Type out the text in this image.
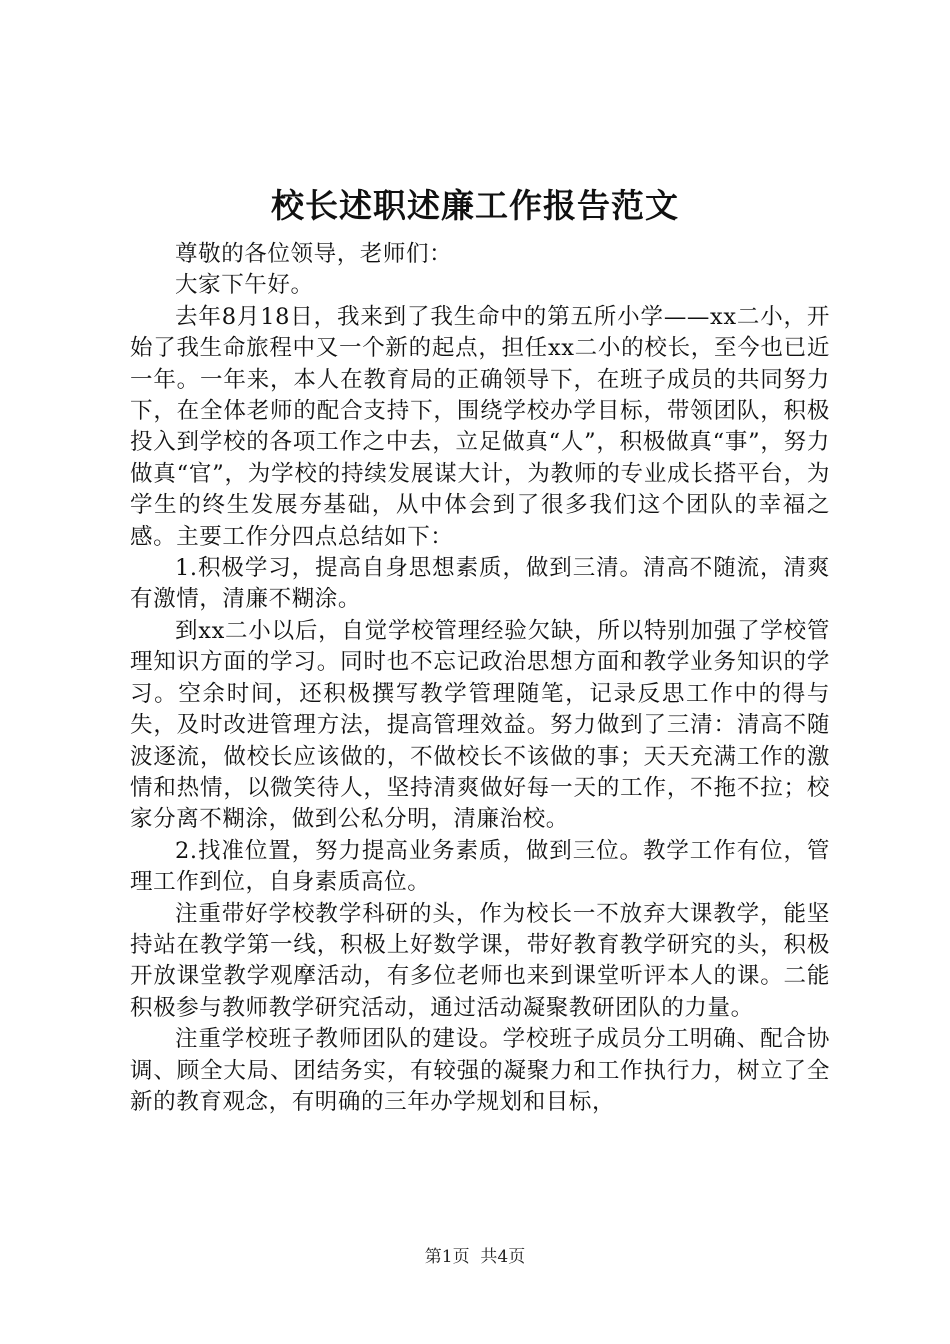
校长述职述廉工作报告范文

尊敬的各位领导，老师们：

大家下午好。

去年8月18日，我来到了我生命中的第五所小学——xx二小，开始了我生命旅程中又一个新的起点，担任xx二小的校长，至今也已近一年。一年来，本人在教育局的正确领导下，在班子成员的共同努力下，在全体老师的配合支持下，围绕学校办学目标，带领团队，积极投入到学校的各项工作之中去，立足做真“人”，积极做真“事”，努力做真“官”，为学校的持续发展谋大计，为教师的专业成长搭平台，为学生的终生发展夯基础，从中体会到了很多我们这个团队的幸福之感。主要工作分四点总结如下：

1.积极学习，提高自身思想素质，做到三清。清高不随流，清爽有激情，清廉不糊涂。

到xx二小以后，自觉学校管理经验欠缺，所以特别加强了学校管理知识方面的学习。同时也不忘记政治思想方面和教学业务知识的学习。空余时间，还积极撰写教学管理随笔，记录反思工作中的得与失，及时改进管理方法，提高管理效益。努力做到了三清：清高不随波逐流，做校长应该做的，不做校长不该做的事；天天充满工作的激情和热情，以微笑待人，坚持清爽做好每一天的工作，不拖不拉；校家分离不糊涂，做到公私分明，清廉治校。

2.找准位置，努力提高业务素质，做到三位。教学工作有位，管理工作到位，自身素质高位。

注重带好学校教学科研的头，作为校长一不放弃大课教学，能坚持站在教学第一线，积极上好数学课，带好教育教学研究的头，积极开放课堂教学观摩活动，有多位老师也来到课堂听评本人的课。二能积极参与教师教学研究活动，通过活动凝聚教研团队的力量。

注重学校班子教师团队的建设。学校班子成员分工明确、配合协调、顾全大局、团结务实，有较强的凝聚力和工作执行力，树立了全新的教育观念，有明确的三年办学规划和目标，

第1页 共4页
